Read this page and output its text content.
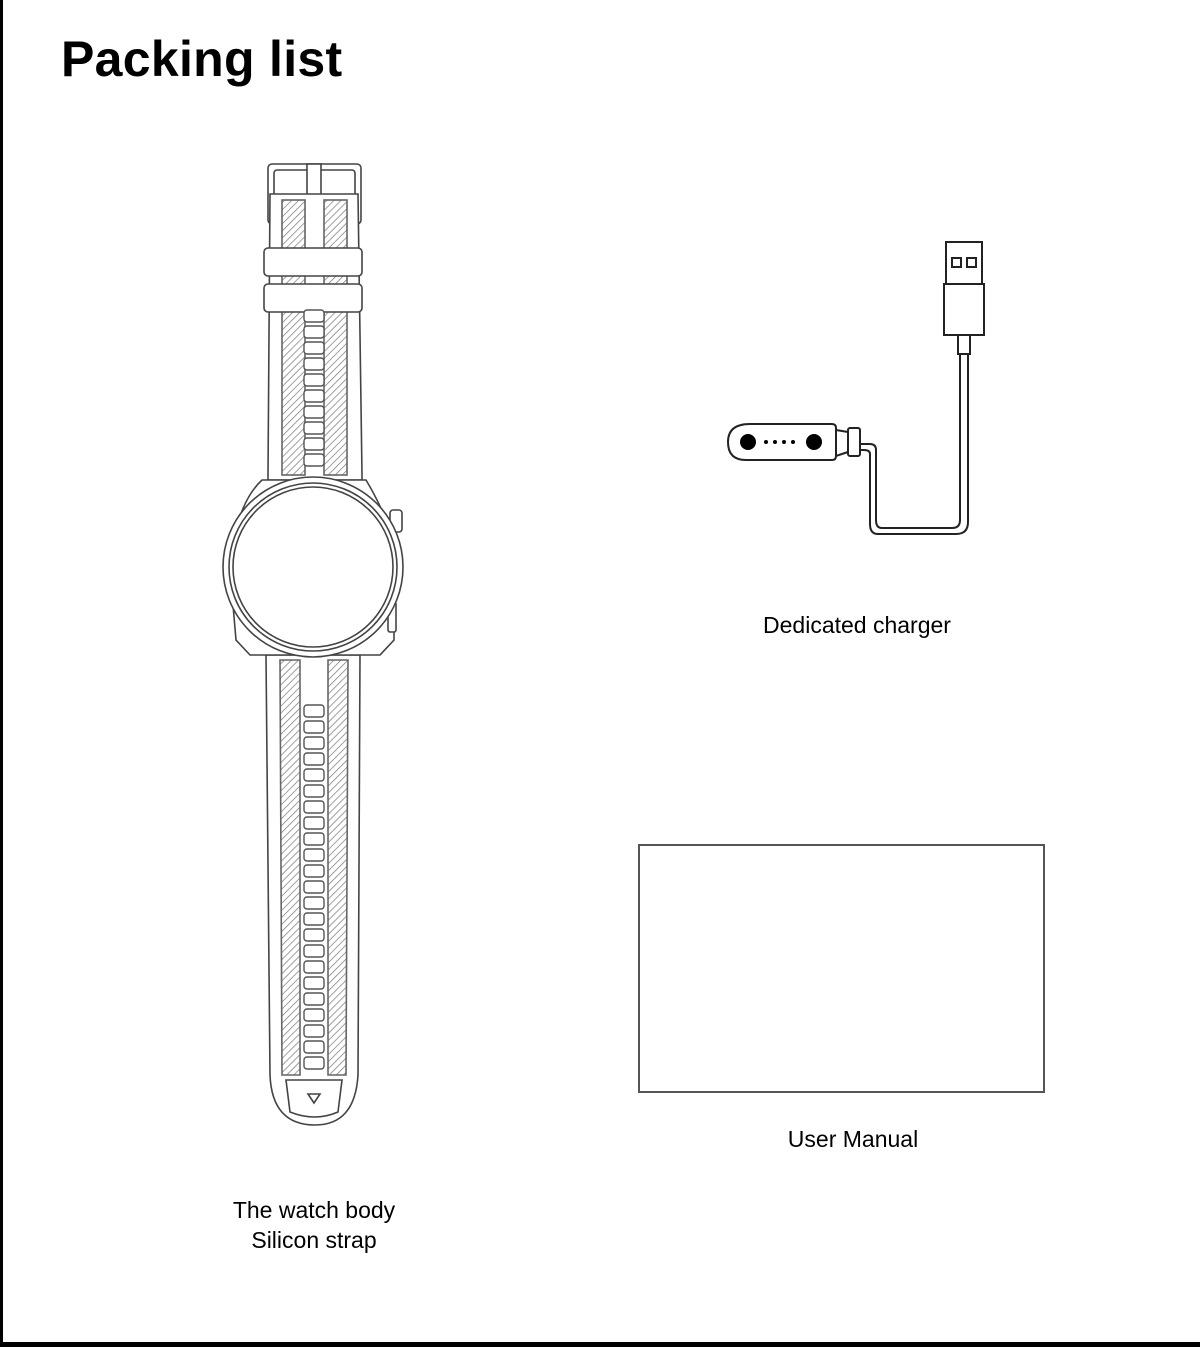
Packing list
The watch body
Silicon strap
Dedicated charger
User Manual
